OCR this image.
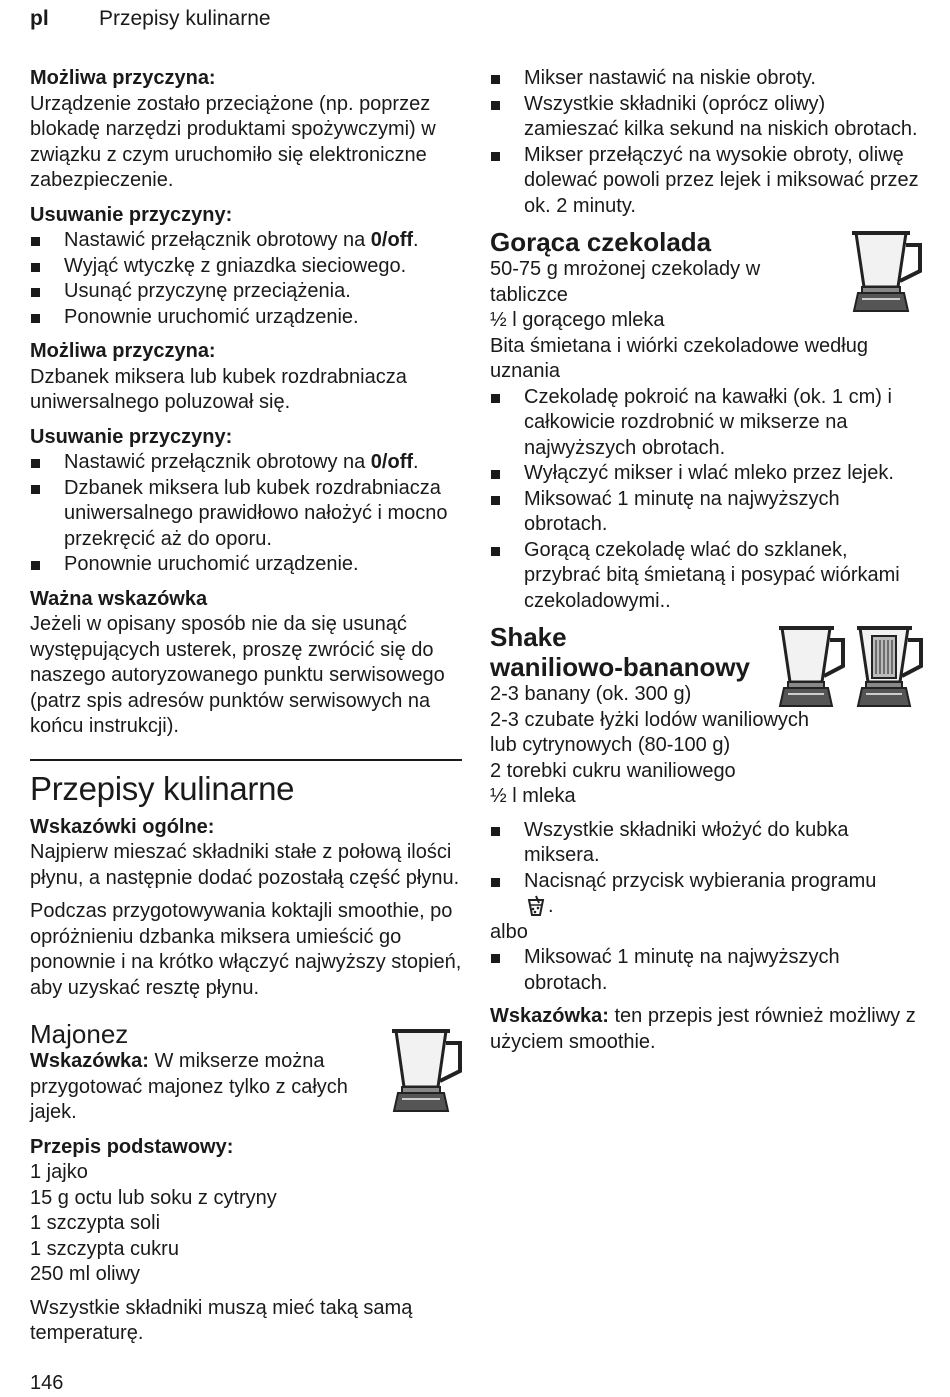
pl Przepisy kulinarne

Możliwa przyczyna:

Urządzenie zostało przeciążone (np. poprzez blokadę narzędzi produktami spożywczymi) w związku z czym uruchomiło się elektroniczne zabezpieczenie.

Usuwanie przyczyny:

Nastawić przełącznik obrotowy na 0/off.
Wyjąć wtyczkę z gniazdka sieciowego.
Usunąć przyczynę przeciążenia.
Ponownie uruchomić urządzenie.

Możliwa przyczyna:

Dzbanek miksera lub kubek rozdrabniacza uniwersalnego poluzował się.

Usuwanie przyczyny:

Nastawić przełącznik obrotowy na 0/off.
Dzbanek miksera lub kubek rozdrabniacza uniwersalnego prawidłowo nałożyć i mocno przekręcić aż do oporu.
Ponownie uruchomić urządzenie.

Ważna wskazówka

Jeżeli w opisany sposób nie da się usunąć występujących usterek, proszę zwrócić się do naszego autoryzowanego punktu serwisowego (patrz spis adresów punktów serwisowych na końcu instrukcji).

Przepisy kulinarne

Wskazówki ogólne:

Najpierw mieszać składniki stałe z połową ilości płynu, a następnie dodać pozostałą część płynu.

Podczas przygotowywania koktajli smoothie, po opróżnieniu dzbanka miksera umieścić go ponownie i na krótko włączyć najwyższy stopień, aby uzyskać resztę płynu.

Majonez

Wskazówka: W mikserze można przygotować majonez tylko z całych jajek.

Przepis podstawowy:

1 jajko

15 g octu lub soku z cytryny

1 szczypta soli

1 szczypta cukru

250 ml oliwy

Wszystkie składniki muszą mieć taką samą temperaturę.

Mikser nastawić na niskie obroty.
Wszystkie składniki (oprócz oliwy) zamieszać kilka sekund na niskich obrotach.
Mikser przełączyć na wysokie obroty, oliwę dolewać powoli przez lejek i miksować przez ok. 2 minuty.
Gorąca czekolada

50-75 g mrożonej czekolady w tabliczce

½ l gorącego mleka

Bita śmietana i wiórki czekoladowe według uznania

Czekoladę pokroić na kawałki (ok. 1 cm) i całkowicie rozdrobnić w mikserze na najwyższych obrotach.
Wyłączyć mikser i wlać mleko przez lejek.
Miksować 1 minutę na najwyższych obrotach.
Gorącą czekoladę wlać do szklanek, przybrać bitą śmietaną i posypać wiórkami czekoladowymi..
Shake
waniliowo-bananowy

2-3 banany (ok. 300 g)

2-3 czubate łyżki lodów waniliowych lub cytrynowych (80-100 g)

2 torebki cukru waniliowego

½ l mleka

Wszystkie składniki włożyć do kubka miksera.
Nacisnąć przycisk wybierania programu

.

albo

Miksować 1 minutę na najwyższych obrotach.

Wskazówka: ten przepis jest również możliwy z użyciem smoothie.

146
